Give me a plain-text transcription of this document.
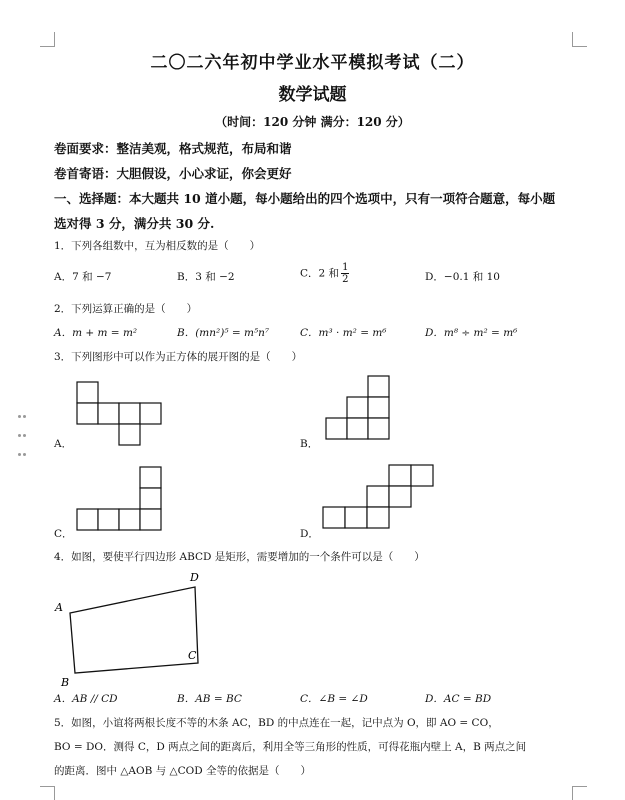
二〇二六年初中学业水平模拟考试（二）
数学试题
（时间：120 分钟 满分：120 分）
卷面要求：整洁美观，格式规范，布局和谐
卷首寄语：大胆假设，小心求证，你会更好
一、选择题：本大题共 10 道小题，每小题给出的四个选项中，只有一项符合题意，每小题
选对得 3 分，满分共 30 分.
1．下列各组数中，互为相反数的是（　　）
A．7 和 −7	B．3 和 −2	C．2 和 $\frac{1}{2}$	D．−0.1 和 10
2．下列运算正确的是（　　）
A．m + m = m²	B．(mn²)⁵ = m⁵n⁷	C．m³ · m² = m⁶	D．m⁸ ÷ m² = m⁶
3．下列图形中可以作为正方体的展开图的是（　　）
A．	B．
C．	D．
4．如图，要使平行四边形 ABCD 是矩形，需要增加的一个条件可以是（　　）
A
B
C
D
A．AB // CD	B．AB = BC	C．∠B = ∠D	D．AC = BD
5．如图，小谊将两根长度不等的木条 AC，BD 的中点连在一起，记中点为 O，即 AO = CO，
BO = DO．测得 C，D 两点之间的距离后，利用全等三角形的性质，可得花瓶内壁上 A，B 两点之间
的距离．图中 △AOB 与 △COD 全等的依据是（　　）
